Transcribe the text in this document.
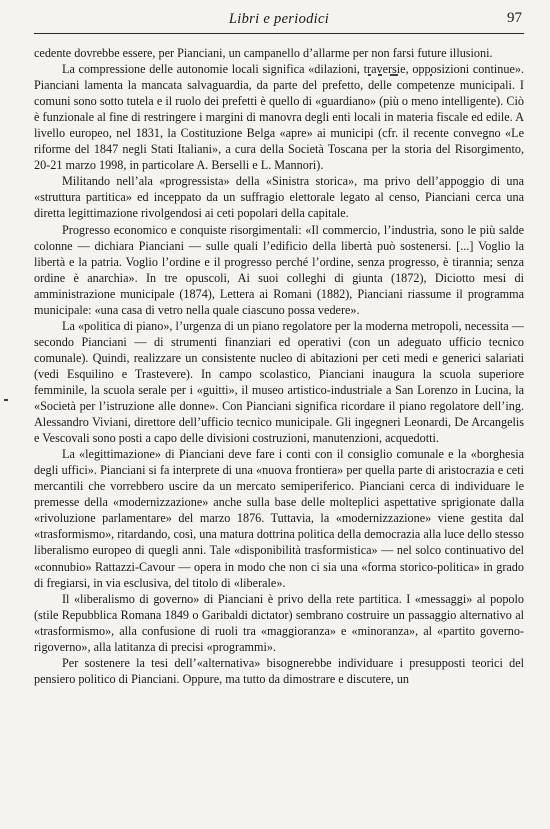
Libri e periodici	97

cedente dovrebbe essere, per Pianciani, un campanello d’allarme per non farsi future illusioni.

La compressione delle autonomie locali significa «dilazioni, traversie, opposizioni continue». Pianciani lamenta la mancata salvaguardia, da parte del prefetto, delle competenze municipali. I comuni sono sotto tutela e il ruolo dei prefetti è quello di «guardiano» (più o meno intelligente). Ciò è funzionale al fine di restringere i margini di manovra degli enti locali in materia fiscale ed edile. A livello europeo, nel 1831, la Costituzione Belga «apre» ai municipi (cfr. il recente convegno «Le riforme del 1847 negli Stati Italiani», a cura della Società Toscana per la storia del Risorgimento, 20-21 marzo 1998, in particolare A. Berselli e L. Mannori).

Militando nell’ala «progressista» della «Sinistra storica», ma privo dell’appoggio di una «struttura partitica» ed inceppato da un suffragio elettorale legato al censo, Pianciani cerca una diretta legittimazione rivolgendosi ai ceti popolari della capitale.

Progresso economico e conquiste risorgimentali: «Il commercio, l’industria, sono le più salde colonne — dichiara Pianciani — sulle quali l’edificio della libertà può sostenersi. [...] Voglio la libertà e la patria. Voglio l’ordine e il progresso perché l’ordine, senza progresso, è tirannia; senza ordine è anarchia». In tre opuscoli, Ai suoi colleghi di giunta (1872), Diciotto mesi di amministrazione municipale (1874), Lettera ai Romani (1882), Pianciani riassume il programma municipale: «una casa di vetro nella quale ciascuno possa vedere».

La «politica di piano», l’urgenza di un piano regolatore per la moderna metropoli, necessita — secondo Pianciani — di strumenti finanziari ed operativi (con un adeguato ufficio tecnico comunale). Quindi, realizzare un consistente nucleo di abitazioni per ceti medi e generici salariati (vedi Esquilino e Trastevere). In campo scolastico, Pianciani inaugura la scuola superiore femminile, la scuola serale per i «guitti», il museo artistico-industriale a San Lorenzo in Lucina, la «Società per l’istruzione alle donne». Con Pianciani significa ricordare il piano regolatore dell’ing. Alessandro Viviani, direttore dell’ufficio tecnico municipale. Gli ingegneri Leonardi, De Arcangelis e Vescovali sono posti a capo delle divisioni costruzioni, manutenzioni, acquedotti.

La «legittimazione» di Pianciani deve fare i conti con il consiglio comunale e la «borghesia degli uffici». Pianciani si fa interprete di una «nuova frontiera» per quella parte di aristocrazia e ceti mercantili che vorrebbero uscire da un mercato semiperiferico. Pianciani cerca di individuare le premesse della «modernizzazione» anche sulla base delle molteplici aspettative sprigionate dalla «rivoluzione parlamentare» del marzo 1876. Tuttavia, la «modernizzazione» viene gestita dal «trasformismo», ritardando, così, una matura dottrina politica della democrazia alla luce dello stesso liberalismo europeo di quegli anni. Tale «disponibilità trasformistica» — nel solco continuativo del «connubio» Rattazzi-Cavour — opera in modo che non ci sia una «forma storico-politica» in grado di fregiarsi, in via esclusiva, del titolo di «liberale».

Il «liberalismo di governo» di Pianciani è privo della rete partitica. I «messaggi» al popolo (stile Repubblica Romana 1849 o Garibaldi dictator) sembrano costruire un passaggio alternativo al «trasformismo», alla confusione di ruoli tra «maggioranza» e «minoranza», al «partito governo-rigoverno», alla latitanza di precisi «programmi».

Per sostenere la tesi dell’«alternativa» bisognerebbe individuare i presupposti teorici del pensiero politico di Pianciani. Oppure, ma tutto da dimostrare e discutere, un
